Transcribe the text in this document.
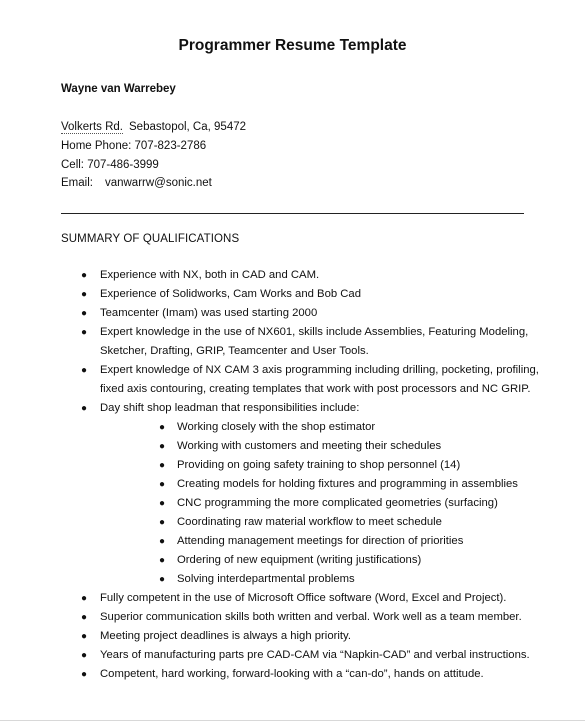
Programmer Resume Template
Wayne van Warrebey
Volkerts Rd. Sebastopol, Ca, 95472
Home Phone: 707-823-2786
Cell: 707-486-3999
Email: vanwarrw@sonic.net
SUMMARY OF QUALIFICATIONS
●	Experience with NX, both in CAD and CAM.
●	Experience of Solidworks, Cam Works and Bob Cad
●	Teamcenter (Imam) was used starting 2000
●	Expert knowledge in the use of NX601, skills include Assemblies, Featuring Modeling,
Sketcher, Drafting, GRIP, Teamcenter and User Tools.
●	Expert knowledge of NX CAM 3 axis programming including drilling, pocketing, profiling,
fixed axis contouring, creating templates that work with post processors and NC GRIP.
●	Day shift shop leadman that responsibilities include:
●	Working closely with the shop estimator
●	Working with customers and meeting their schedules
●	Providing on going safety training to shop personnel (14)
●	Creating models for holding fixtures and programming in assemblies
●	CNC programming the more complicated geometries (surfacing)
●	Coordinating raw material workflow to meet schedule
●	Attending management meetings for direction of priorities
●	Ordering of new equipment (writing justifications)
●	Solving interdepartmental problems
●	Fully competent in the use of Microsoft Office software (Word, Excel and Project).
●	Superior communication skills both written and verbal. Work well as a team member.
●	Meeting project deadlines is always a high priority.
●	Years of manufacturing parts pre CAD-CAM via “Napkin-CAD” and verbal instructions.
●	Competent, hard working, forward-looking with a “can-do”, hands on attitude.
